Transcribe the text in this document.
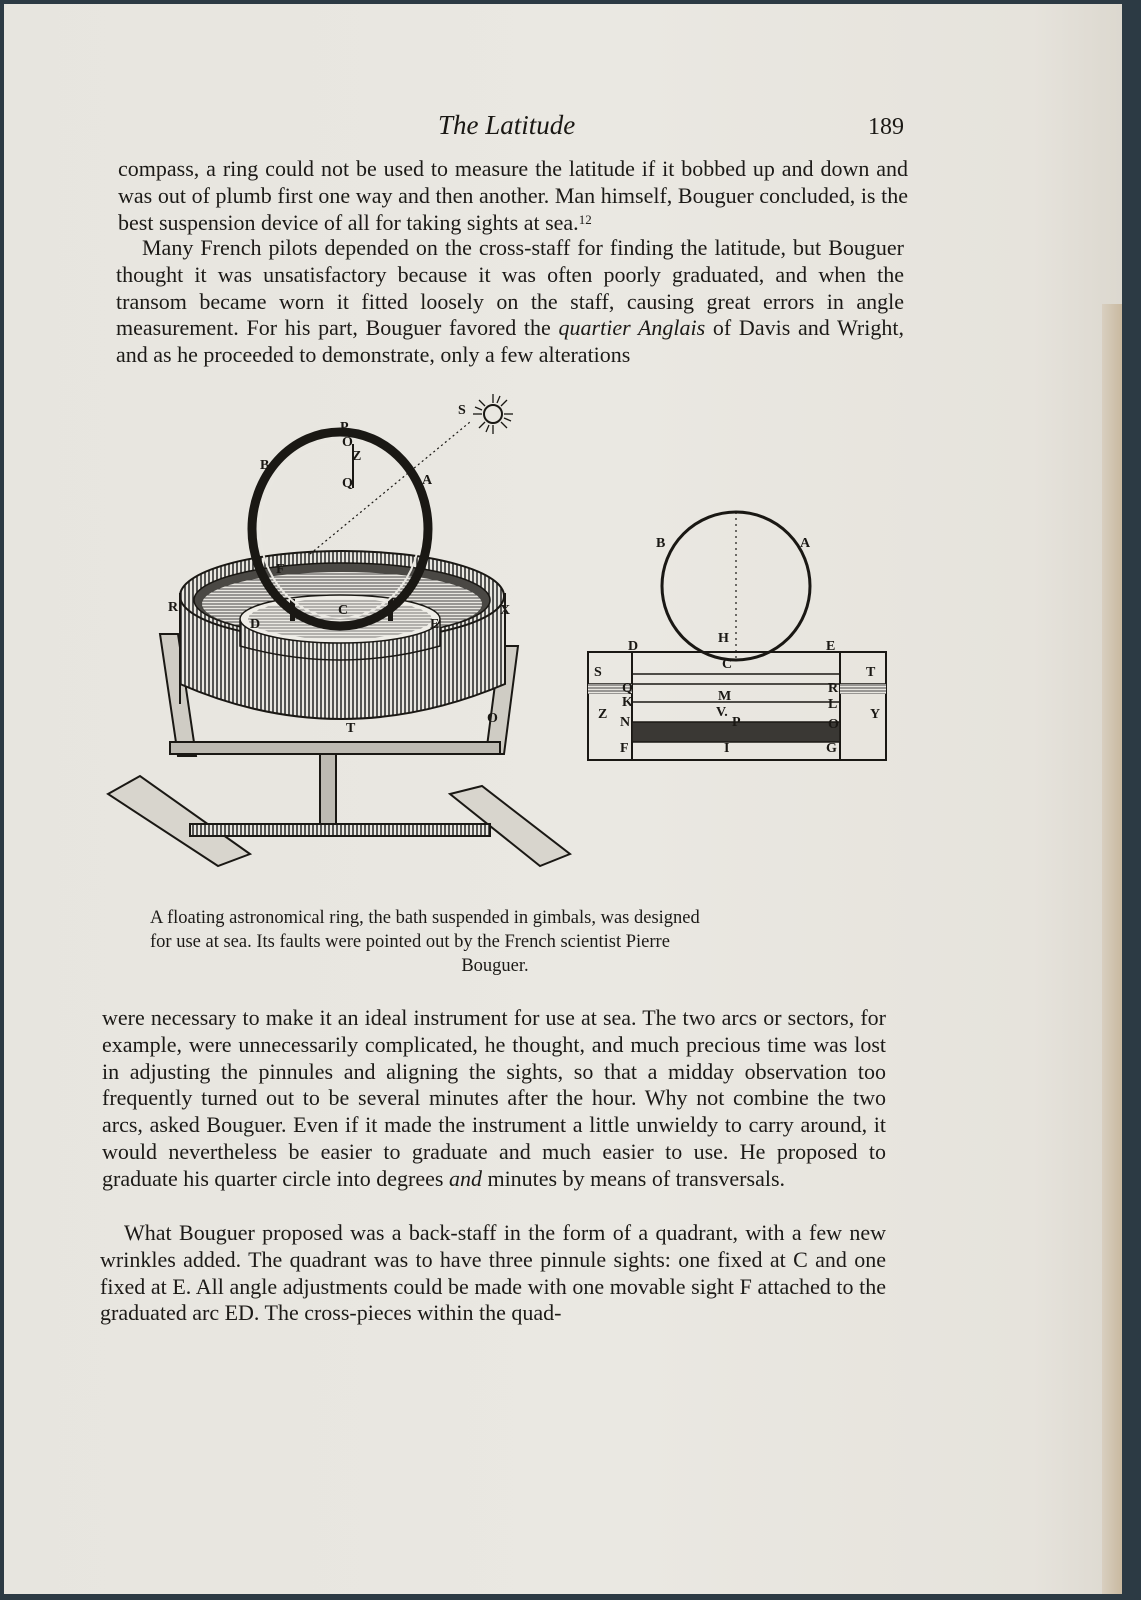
The Latitude	189

compass, a ring could not be used to measure the latitude if it bobbed up and down and was out of plumb first one way and then another. Man himself, Bouguer concluded, is the best suspension device of all for taking sights at sea.$^{12}$

Many French pilots depended on the cross-staff for finding the latitude, but Bouguer thought it was unsatisfactory because it was often poorly graduated, and when the transom became worn it fitted loosely on the staff, causing great errors in angle measurement. For his part, Bouguer favored the quartier Anglais of Davis and Wright, and as he proceeded to demonstrate, only a few alterations

S
P
O
Z
Q
B
A
F
R	X
D
C
E
O
T
B	A
H
D	E
C
S	T
Q	R
K	M
L
Z	Y
V.
N	P	O
F	I	G
A floating astronomical ring, the bath suspended in gimbals, was designed
for use at sea. Its faults were pointed out by the French scientist Pierre
Bouguer.

were necessary to make it an ideal instrument for use at sea. The two arcs or sectors, for example, were unnecessarily complicated, he thought, and much precious time was lost in adjusting the pinnules and aligning the sights, so that a midday observation too frequently turned out to be several minutes after the hour. Why not combine the two arcs, asked Bouguer. Even if it made the instrument a little unwieldy to carry around, it would nevertheless be easier to graduate and much easier to use. He proposed to graduate his quarter circle into degrees and minutes by means of transversals.

What Bouguer proposed was a back-staff in the form of a quadrant, with a few new wrinkles added. The quadrant was to have three pinnule sights: one fixed at C and one fixed at E. All angle adjustments could be made with one movable sight F attached to the graduated arc ED. The cross-pieces within the quad-
